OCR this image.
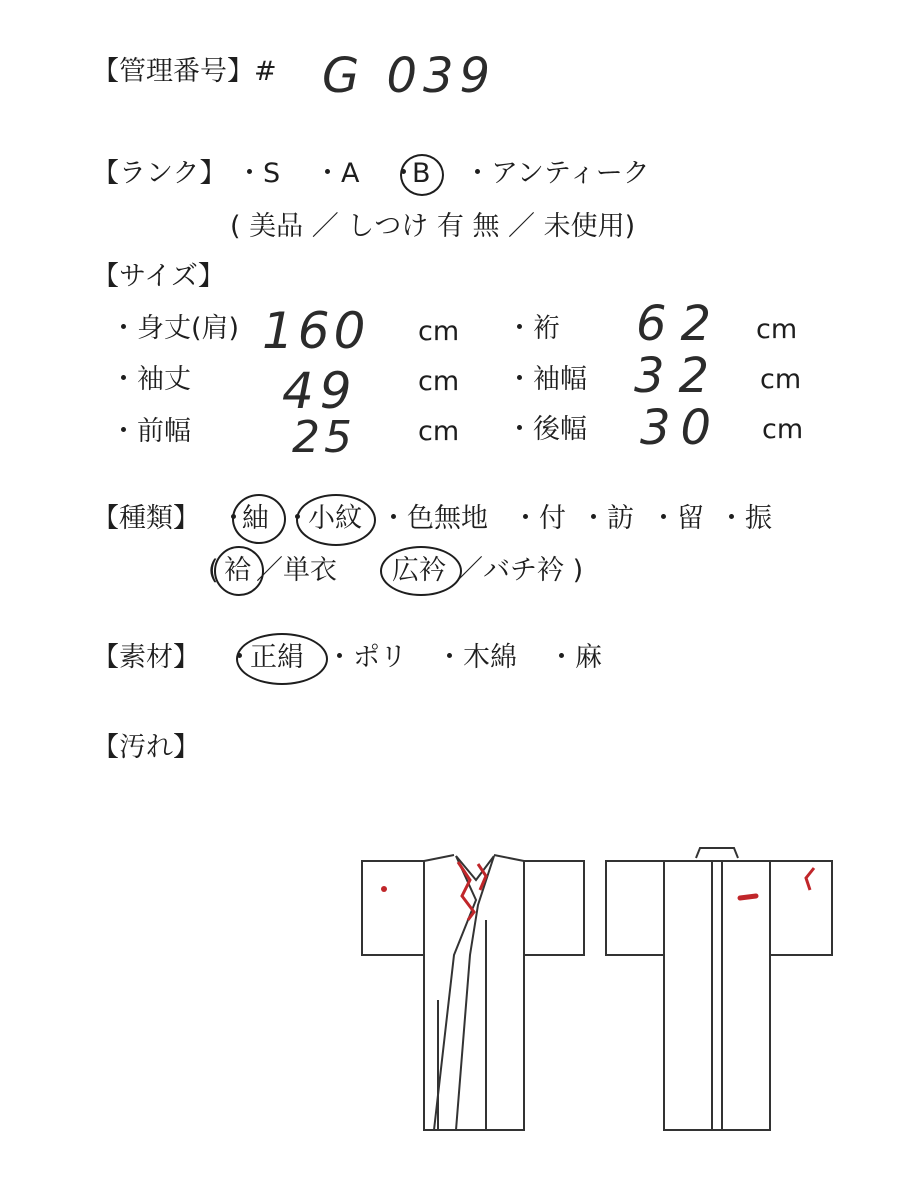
【管理番号】# G 039
【ランク】 ・S ・A ・
B ・アンティーク
( 美品 ／ しつけ 有 無 ／ 未使用)
【サイズ】
・身丈(肩) 160 cm ・裄 62 cm
・袖丈 49 cm ・袖幅 32 cm
・前幅 25 cm ・後幅 30 cm
【種類】 ・
紬 ・
小紋 ・色無地 ・付 ・訪 ・留 ・振
( 袷 ／単衣 広衿 ／バチ衿 )
【素材】 ・
正絹 ・ポリ ・木綿 ・麻
【汚れ】
